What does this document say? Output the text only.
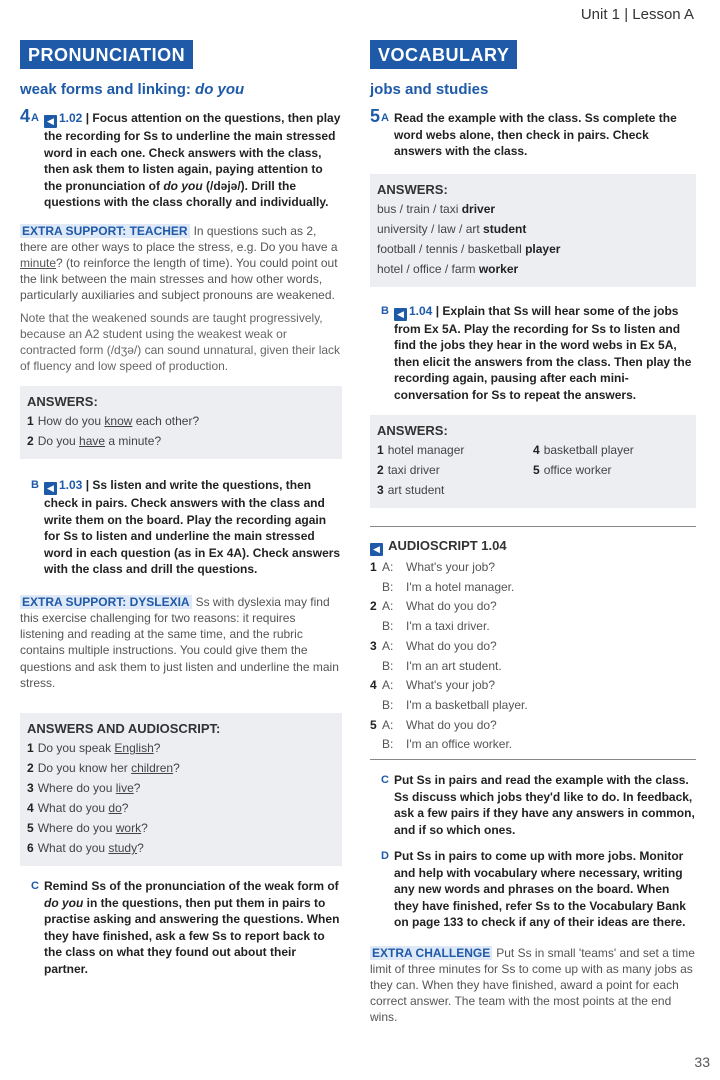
Unit 1 | Lesson A
PRONUNCIATION
weak forms and linking: do you
4 A ◀ 1.02 | Focus attention on the questions, then play the recording for Ss to underline the main stressed word in each one. Check answers with the class, then ask them to listen again, paying attention to the pronunciation of do you (/dəjə/). Drill the questions with the class chorally and individually.
EXTRA SUPPORT: TEACHER In questions such as 2, there are other ways to place the stress, e.g. Do you have a minute? (to reinforce the length of time). You could point out the link between the main stresses and how other words, particularly auxiliaries and subject pronouns are weakened.
Note that the weakened sounds are taught progressively, because an A2 student using the weakest weak or contracted form (/dʒə/) can sound unnatural, given their lack of fluency and low speed of production.
ANSWERS:
1 How do you know each other?
2 Do you have a minute?
B ◀ 1.03 | Ss listen and write the questions, then check in pairs. Check answers with the class and write them on the board. Play the recording again for Ss to listen and underline the main stressed word in each question (as in Ex 4A). Check answers with the class and drill the questions.
EXTRA SUPPORT: DYSLEXIA Ss with dyslexia may find this exercise challenging for two reasons: it requires listening and reading at the same time, and the rubric contains multiple instructions. You could give them the questions and ask them to just listen and underline the main stress.
ANSWERS AND AUDIOSCRIPT:
1 Do you speak English?
2 Do you know her children?
3 Where do you live?
4 What do you do?
5 Where do you work?
6 What do you study?
C Remind Ss of the pronunciation of the weak form of do you in the questions, then put them in pairs to practise asking and answering the questions. When they have finished, ask a few Ss to report back to the class on what they found out about their partner.
VOCABULARY
jobs and studies
5 A Read the example with the class. Ss complete the word webs alone, then check in pairs. Check answers with the class.
ANSWERS:
bus / train / taxi driver
university / law / art student
football / tennis / basketball player
hotel / office / farm worker
B ◀ 1.04 | Explain that Ss will hear some of the jobs from Ex 5A. Play the recording for Ss to listen and find the jobs they hear in the word webs in Ex 5A, then elicit the answers from the class. Then play the recording again, pausing after each mini-conversation for Ss to repeat the answers.
ANSWERS:
1 hotel manager	4 basketball player
2 taxi driver	5 office worker
3 art student
◀ AUDIOSCRIPT 1.04
1 A:	What's your job?
B:	I'm a hotel manager.
2 A:	What do you do?
B:	I'm a taxi driver.
3 A:	What do you do?
B:	I'm an art student.
4 A:	What's your job?
B:	I'm a basketball player.
5 A:	What do you do?
B:	I'm an office worker.
C Put Ss in pairs and read the example with the class. Ss discuss which jobs they'd like to do. In feedback, ask a few pairs if they have any answers in common, and if so which ones.
D Put Ss in pairs to come up with more jobs. Monitor and help with vocabulary where necessary, writing any new words and phrases on the board. When they have finished, refer Ss to the Vocabulary Bank on page 133 to check if any of their ideas are there.
EXTRA CHALLENGE Put Ss in small 'teams' and set a time limit of three minutes for Ss to come up with as many jobs as they can. When they have finished, award a point for each correct answer. The team with the most points at the end wins.
33
